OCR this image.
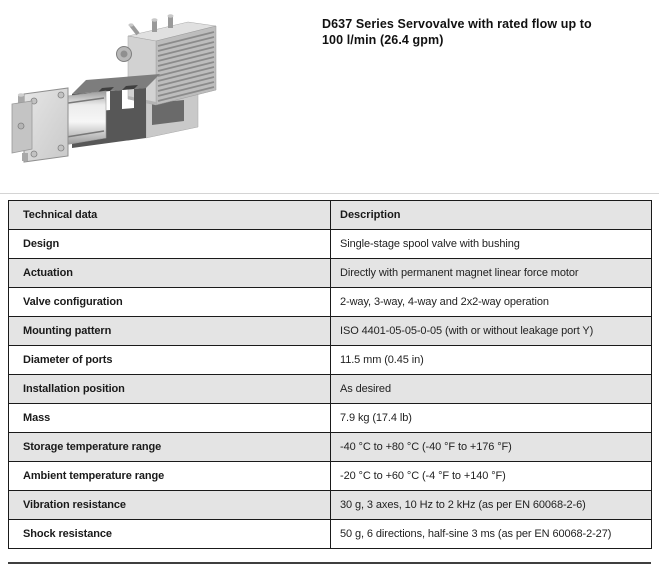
D637 Series Servovalve with rated flow up to
100 l/min (26.4 gpm)
Technical data	Description
Design	Single-stage spool valve with bushing
Actuation	Directly with permanent magnet linear force motor
Valve configuration	2-way, 3-way, 4-way and 2x2-way operation
Mounting pattern	ISO 4401-05-05-0-05 (with or without leakage port Y)
Diameter of ports	11.5 mm (0.45 in)
Installation position	As desired
Mass	7.9 kg (17.4 lb)
Storage temperature range	-40 °C to +80 °C (-40 °F to +176 °F)
Ambient temperature range	-20 °C to +60 °C (-4 °F to +140 °F)
Vibration resistance	30 g, 3 axes, 10 Hz to 2 kHz (as per EN 60068-2-6)
Shock resistance	50 g, 6 directions, half-sine 3 ms (as per EN 60068-2-27)
